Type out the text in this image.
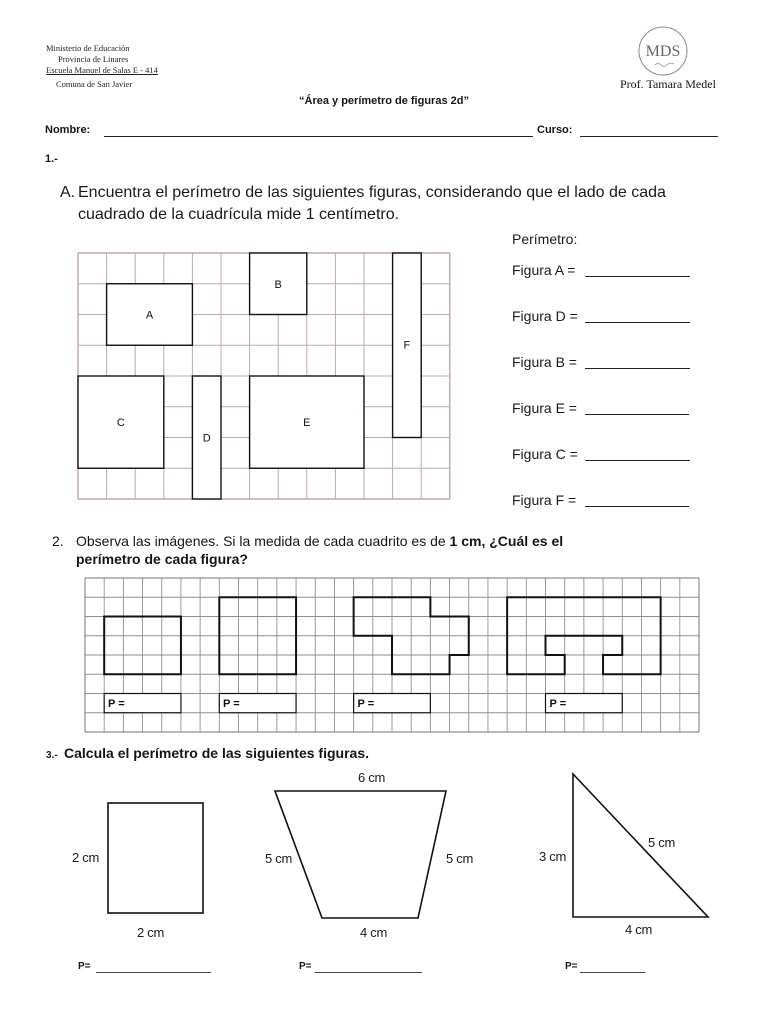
Ministerio de Educación
Provincia de Linares
Escuela Manuel de Salas E - 414
Comuna de San Javier
MDS
Prof. Tamara Medel
“Área y perímetro de figuras 2d”
Nombre:	Curso:
1.-
A. Encuentra el perímetro de las siguientes figuras, considerando que el lado de cada
cuadrado de la cuadrícula mide 1 centímetro.
A
B
F
C
D
E
Perímetro:
Figura A =
Figura D =
Figura B =
Figura E =
Figura C =
Figura F =
2. Observa las imágenes. Si la medida de cada cuadrito es de 1 cm, ¿Cuál es el
perímetro de cada figura?
P =	P =	P =	P =
3.- Calcula el perímetro de las siguientes figuras.
2 cm
2 cm
6 cm
5 cm	5 cm
4 cm
3 cm
5 cm
4 cm
P=	P=	P=
